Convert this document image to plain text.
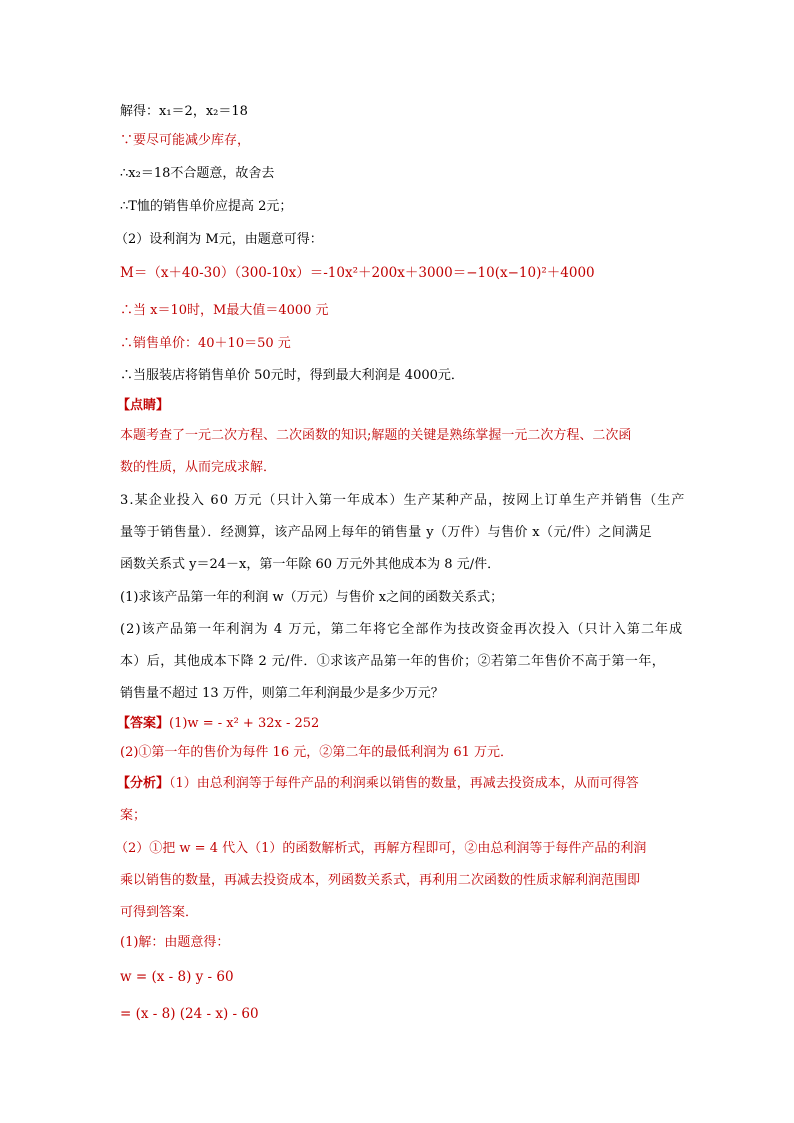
解得：x₁＝2，x₂＝18
∵要尽可能减少库存，
∴x₂＝18不合题意，故舍去
∴T恤的销售单价应提高 2元；
（2）设利润为 M元，由题意可得：
M＝（x＋40-30）（300-10x）＝-10x²＋200x＋3000＝−10(x−10)²＋4000
∴当 x＝10时，M最大值＝4000 元
∴销售单价：40＋10＝50 元
∴当服装店将销售单价 50元时，得到最大利润是 4000元．
【点睛】
本题考查了一元二次方程、二次函数的知识;解题的关键是熟练掌握一元二次方程、二次函
数的性质，从而完成求解．
3.某企业投入 60 万元（只计入第一年成本）生产某种产品，按网上订单生产并销售（生产
量等于销售量）．经测算，该产品网上每年的销售量 y（万件）与售价 x（元/件）之间满足
函数关系式 y＝24－x，第一年除 60 万元外其他成本为 8 元/件．
(1)求该产品第一年的利润 w（万元）与售价 x之间的函数关系式；
(2)该产品第一年利润为 4 万元，第二年将它全部作为技改资金再次投入（只计入第二年成
本）后，其他成本下降 2 元/件．①求该产品第一年的售价；②若第二年售价不高于第一年，
销售量不超过 13 万件，则第二年利润最少是多少万元？
【答案】(1)w = - x² + 32x - 252
(2)①第一年的售价为每件 16 元，②第二年的最低利润为 61 万元．
【分析】（1）由总利润等于每件产品的利润乘以销售的数量，再减去投资成本，从而可得答
案；
（2）①把 w = 4 代入（1）的函数解析式，再解方程即可，②由总利润等于每件产品的利润
乘以销售的数量，再减去投资成本，列函数关系式，再利用二次函数的性质求解利润范围即
可得到答案．
(1)解：由题意得：
w = (x - 8) y - 60
= (x - 8) (24 - x) - 60
